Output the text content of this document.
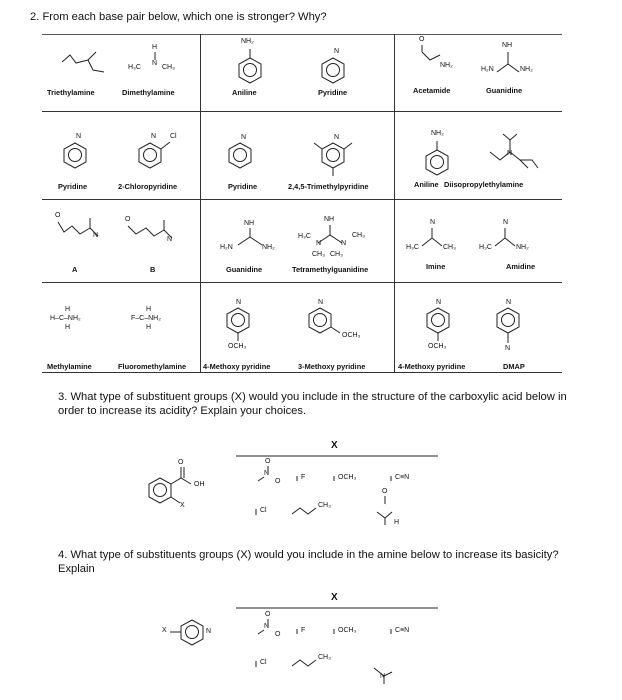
2. From each base pair below, which one is stronger? Why?
H
H₃C
N
CH₃
NH₂
N
O
NH₂
NH
H₂N	NH₂
Triethylamine	Dimethylamine	Aniline	Pyridine	Acetamide	Guanidine
N	N Cl	N	N
NH₂
N
Pyridine	2-Chloropyridine	Pyridine	2,4,5-Trimethylpyridine	Aniline Diisopropylethylamine
O
N
O
N
NH
H₂N	NH₂
NH
H₃C
N	N
CH₃
CH₃ CH₃
N
H₃C	CH₃
N
H₃C	NH₂
A	B	Guanidine	Tetramethylguanidine	Imine	Amidine
H
H–C–NH₂
H
H
F–C–NH₂
H
N
OCH₃
N
OCH₃
N
OCH₃
N
N
Methylamine	Fluoromethylamine 4-Methoxy pyridine	3-Methoxy pyridine	4-Methoxy pyridine	DMAP
3. What type of substituent groups (X) would you include in the structure of the carboxylic acid below in order to increase its acidity? Explain your choices.
X
O
OH
X
O
N
O
F	OCH₃	C≡N
Cl
CH₃
O
H
4. What type of substituents groups (X) would you include in the amine below to increase its basicity? Explain
X
X	N
O
N
O
F	OCH₃	C≡N
Cl
CH₃
N
